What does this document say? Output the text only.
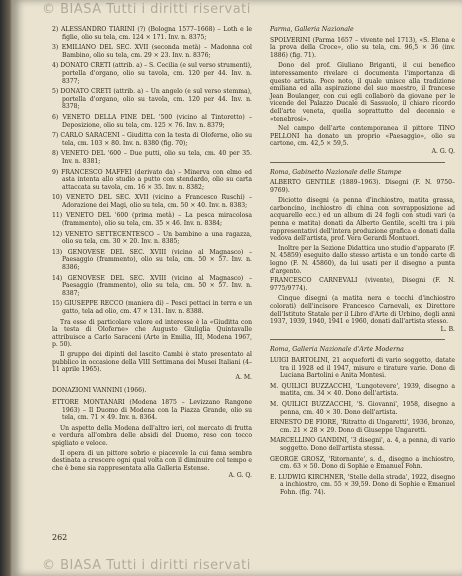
© BIASA Tutti i diritti riservati

2) ALESSANDRO TIARINI (?) (Bologna 1577–1668) – Loth e le figlie, olio su tela, cm. 124 × 171. Inv. n. 8375;

3) EMILIANO DEL SEC. XVII (seconda metà) – Madonna col Bambino, olio su tela, cm. 29 × 23. Inv. n. 8376;

4) DONATO CRETI (attrib. a) – S. Cecilia (e sul verso strumenti), portella d'organo, olio su tavola, cm. 120 per 44. Inv. n. 8377;

5) DONATO CRETI (attrib. a) – Un angelo (e sul verso stemma), portella d'organo, olio su tavola, cm. 120 per 44. Inv. n. 8378;

6) VENETO DELLA FINE DEL '500 (vicino al Tintoretto) – Deposizione, olio su tela, cm. 125 × 76. Inv. n. 8379;

7) CARLO SARACENI – Giuditta con la testa di Oloferne, olio su tela, cm. 103 × 80. Inv. n. 8380 (fig. 70);

8) VENETO DEL '600 – Due putti, olio su tela, cm. 40 per 35. Inv. n. 8381;

9) FRANCESCO MAFFEI (derivato da) – Minerva con elmo ed asta intenta allo studio a putto con stendardo, olio su carta attaccata su tavola, cm. 16 × 35. Inv. n. 8382;

10) VENETO DEL SEC. XVII (vicino a Francesco Ruschi) – Adorazione dei Magi, olio su tela, cm. 50 × 40. Inv. n. 8383;

11) VENETO DEL '600 (prima metà) – La pesca miracolosa (frammento), olio su tela, cm. 35 × 46. Inv. n. 8384;

12) VENETO SETTECENTESCO – Un bambino a una ragazza, olio su tela, cm. 30 × 20. Inv. n. 8385;

13) GENOVESE DEL SEC. XVIII (vicino al Magnasco) – Paesaggio (frammento), olio su tela, cm. 50 × 57. Inv. n. 8386;

14) GENOVESE DEL SEC. XVIII (vicino al Magnasco) – Paesaggio (frammento), olio su tela, cm. 50 × 57. Inv. n. 8387;

15) GIUSEPPE RECCO (maniera di) – Pesci pettaci in terra e un gatto, tela ad olio, cm. 47 × 131. Inv. n. 8388.

Tra esse di particolare valore ed interesse è la «Giuditta con la testa di Oloferne» che Augusto Giuliglia Quintavalle attribuisce a Carlo Saraceni (Arte in Emilia, III, Modena 1967, p. 50).

Il gruppo dei dipinti del lascito Cambi è stato presentato al pubblico in occasione della VIII Settimana dei Musei Italiani (4–11 aprile 1965).

A. M.
DONAZIONI VANNINI (1966).

ETTORE MONTANARI (Modena 1875 – Levizzano Rangone 1963) – Il Duomo di Modena con la Piazza Grande, olio su tela, cm. 71 × 49. Inv. n. 8364.

Un aspetto della Modena dell'altro ieri, col mercato di frutta e verdura all'ombra delle absidi del Duomo, reso con tocco spigliato e veloce.

Il opera di un pittore sobrio e piacevole la cui fama sembra destinata a crescere ogni qual volta con il diminuire col tempo e che è bene sia rappresentata alla Galleria Estense.

A. G. Q.
Parma, Galleria Nazionale

SPOLVERINI (Parma 1657 – vivente nel 1713), «S. Elena e la prova della Croce», olio su tela, cm. 96,5 × 36 (inv. 1886) (fig. 71).

Dono del prof. Giuliano Briganti, il cui benefico interessamento rivelare ci documenta l'importanza di questo artista. Poco noto, il quale unisce alla tradizione emiliana ed alla aspirazione del suo maestro, il francese Jean Boulanger, con cui egli collaborò da giovane per le vicende del Palazzo Ducale di Sassuolo, il chiaro ricordo dell'arte veneta, quella soprattutto del decennio e «tenebrosi».

Nel campo dell'arte contemporanea il pittore TINO PELLONI ha donato un proprio «Paesaggio», olio su cartone, cm. 42,5 × 59,5.

A. G. Q.
Roma, Gabinetto Nazionale delle Stampe

ALBERTO GENTILE (1889–1963). Disegni (F. N. 9750–9769).

Diciotto disegni (a penna d'inchiostro, matita grassa, carboncino, inchiostro di china con sovrapposizione ad acquarello ecc.) ed un album di 24 fogli con studi vari (a penna e matita) donati da Alberto Gentile, scelti tra i più rappresentativi dell'intera produzione grafica e donati dalla vedova dell'artista, prof. Vera Gerardi Montuori.

Inoltre per la Sezione Didattica uno studio d'apparato (F. N. 45859) eseguito dallo stesso artista e un tondo carte di legno (F. N. 45860), da lui usati per il disegno a punta d'argento.

FRANCESCO CARNEVALI (vivente), Disegni (F. N. 9775/9774).

Cinque disegni (a matita nera e tocchi d'inchiostro colorati) dell'incisore Francesco Carnevali, ex Direttore dell'Istituto Statale per il Libro d'Arte di Urbino, degli anni 1937, 1939, 1940, 1941 e 1960, donati dall'artista stesso.

L. B.
Roma, Galleria Nazionale d'Arte Moderna

LUIGI BARTOLINI, 21 acqueforti di vario soggetto, datate tra il 1928 ed il 1947, misure e tirature varie. Dono di Luciana Bartolini e Anita Montesi.

M. QUILICI BUZZACCHI, 'Lungotevere', 1939, disegno a matita, cm. 34 × 40. Dono dell'artista.

M. QUILICI BUZZACCHI, 'S. Giovanni', 1958, disegno a penna, cm. 40 × 30. Dono dell'artista.

ERNESTO DE FIORE, 'Ritratto di Ungaretti', 1936, bronzo, cm. 21 × 28 × 29. Dono di Giuseppe Ungaretti.

MARCELLINO GANDINI, '3 disegni', a. 4, a penna, di vario soggetto. Dono dell'artista stessa.

GEORGE GROSZ, 'Ritornante', s. d., disegno a inchiostro, cm. 63 × 50. Dono di Sophie e Emanuel Fohn.

E. LUDWIG KIRCHNER, 'Stelle della strada', 1922, disegno a inchiostro, cm. 55 × 39,59. Dono di Sophie e Emanuel Fohn. (fig. 74).

262
© BIASA Tutti i diritti riservati
